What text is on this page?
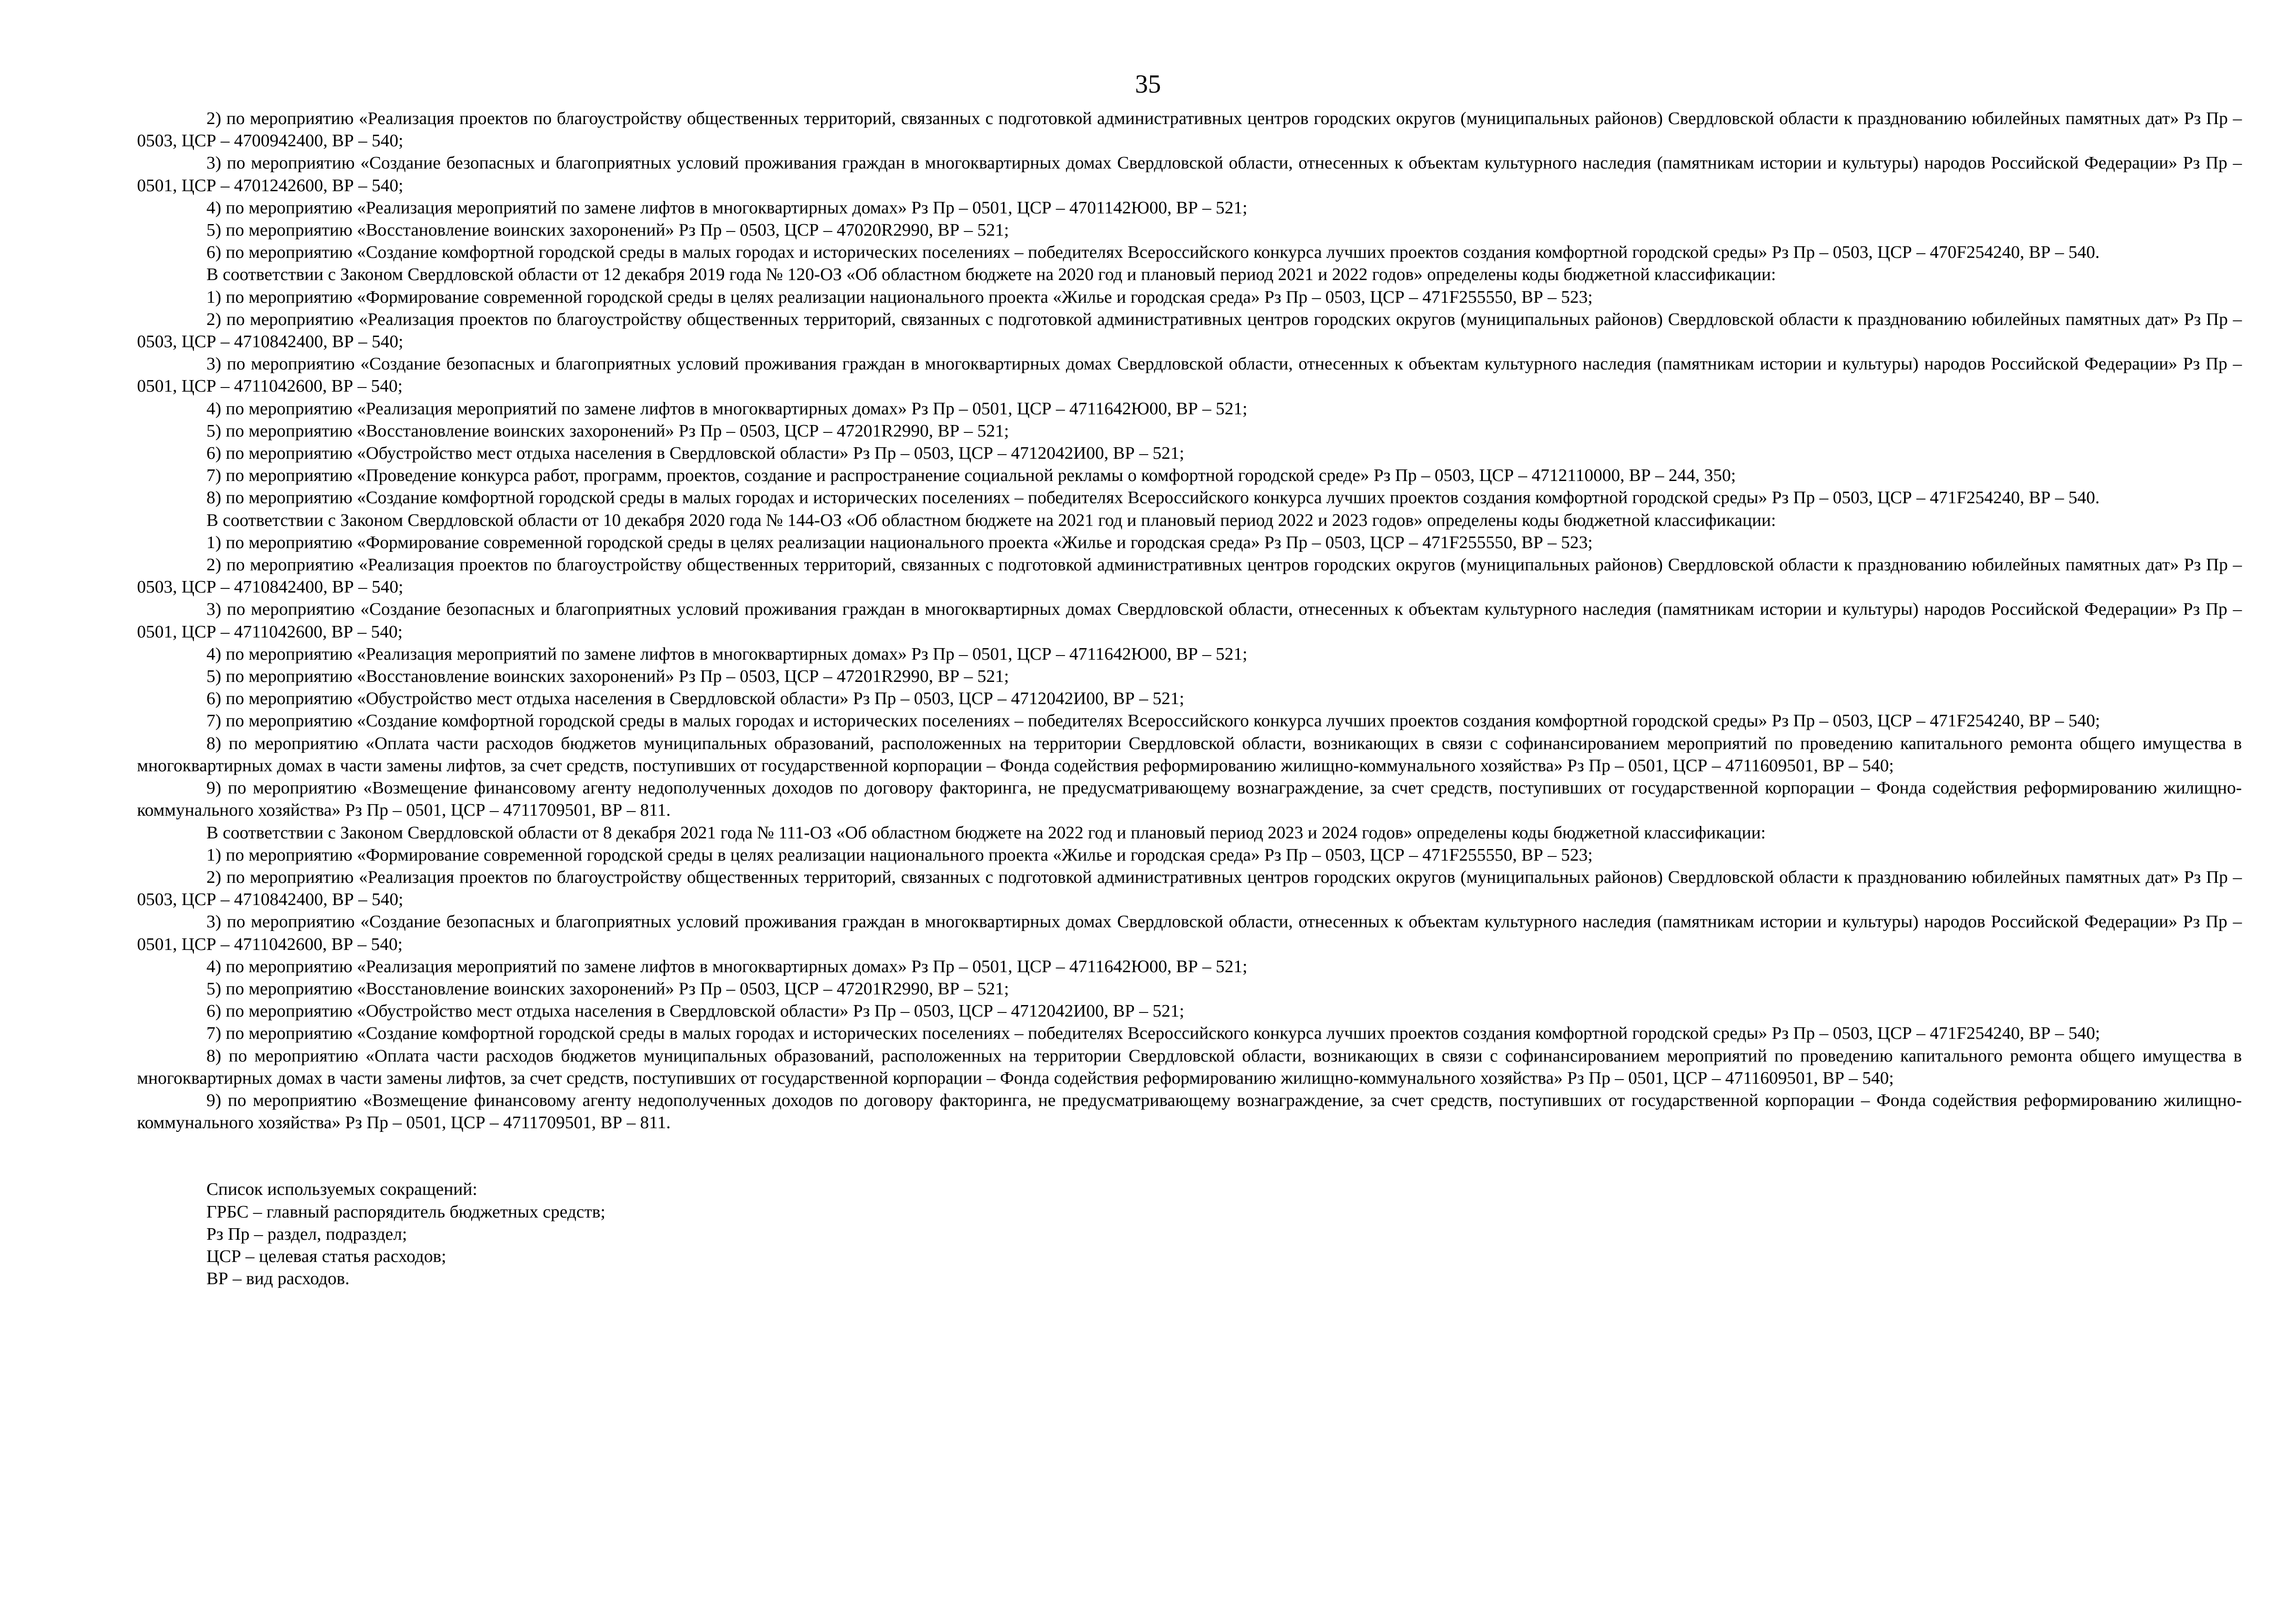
35

2) по мероприятию «Реализация проектов по благоустройству общественных территорий, связанных с подготовкой административных центров городских округов (муниципальных районов) Свердловской области к празднованию юбилейных памятных дат» Рз Пр – 0503, ЦСР – 4700942400, ВР – 540;

3) по мероприятию «Создание безопасных и благоприятных условий проживания граждан в многоквартирных домах Свердловской области, отнесенных к объектам культурного наследия (памятникам истории и культуры) народов Российской Федерации» Рз Пр – 0501, ЦСР – 4701242600, ВР – 540;

4) по мероприятию «Реализация мероприятий по замене лифтов в многоквартирных домах» Рз Пр – 0501, ЦСР – 4701142Ю00, ВР – 521;

5) по мероприятию «Восстановление воинских захоронений» Рз Пр – 0503, ЦСР – 47020R2990, ВР – 521;

6) по мероприятию «Создание комфортной городской среды в малых городах и исторических поселениях – победителях Всероссийского конкурса лучших проектов создания комфортной городской среды» Рз Пр – 0503, ЦСР – 470F254240, ВР – 540.

В соответствии с Законом Свердловской области от 12 декабря 2019 года № 120-ОЗ «Об областном бюджете на 2020 год и плановый период 2021 и 2022 годов» определены коды бюджетной классификации:

1) по мероприятию «Формирование современной городской среды в целях реализации национального проекта «Жилье и городская среда» Рз Пр – 0503, ЦСР – 471F255550, ВР – 523;

2) по мероприятию «Реализация проектов по благоустройству общественных территорий, связанных с подготовкой административных центров городских округов (муниципальных районов) Свердловской области к празднованию юбилейных памятных дат» Рз Пр – 0503, ЦСР – 4710842400, ВР – 540;

3) по мероприятию «Создание безопасных и благоприятных условий проживания граждан в многоквартирных домах Свердловской области, отнесенных к объектам культурного наследия (памятникам истории и культуры) народов Российской Федерации» Рз Пр – 0501, ЦСР – 4711042600, ВР – 540;

4) по мероприятию «Реализация мероприятий по замене лифтов в многоквартирных домах» Рз Пр – 0501, ЦСР – 4711642Ю00, ВР – 521;

5) по мероприятию «Восстановление воинских захоронений» Рз Пр – 0503, ЦСР – 47201R2990, ВР – 521;

6) по мероприятию «Обустройство мест отдыха населения в Свердловской области» Рз Пр – 0503, ЦСР – 4712042И00, ВР – 521;

7) по мероприятию «Проведение конкурса работ, программ, проектов, создание и распространение социальной рекламы о комфортной городской среде» Рз Пр – 0503, ЦСР – 4712110000, ВР – 244, 350;

8) по мероприятию «Создание комфортной городской среды в малых городах и исторических поселениях – победителях Всероссийского конкурса лучших проектов создания комфортной городской среды» Рз Пр – 0503, ЦСР – 471F254240, ВР – 540.

В соответствии с Законом Свердловской области от 10 декабря 2020 года № 144-ОЗ «Об областном бюджете на 2021 год и плановый период 2022 и 2023 годов» определены коды бюджетной классификации:

1) по мероприятию «Формирование современной городской среды в целях реализации национального проекта «Жилье и городская среда» Рз Пр – 0503, ЦСР – 471F255550, ВР – 523;

2) по мероприятию «Реализация проектов по благоустройству общественных территорий, связанных с подготовкой административных центров городских округов (муниципальных районов) Свердловской области к празднованию юбилейных памятных дат» Рз Пр – 0503, ЦСР – 4710842400, ВР – 540;

3) по мероприятию «Создание безопасных и благоприятных условий проживания граждан в многоквартирных домах Свердловской области, отнесенных к объектам культурного наследия (памятникам истории и культуры) народов Российской Федерации» Рз Пр – 0501, ЦСР – 4711042600, ВР – 540;

4) по мероприятию «Реализация мероприятий по замене лифтов в многоквартирных домах» Рз Пр – 0501, ЦСР – 4711642Ю00, ВР – 521;

5) по мероприятию «Восстановление воинских захоронений» Рз Пр – 0503, ЦСР – 47201R2990, ВР – 521;

6) по мероприятию «Обустройство мест отдыха населения в Свердловской области» Рз Пр – 0503, ЦСР – 4712042И00, ВР – 521;

7) по мероприятию «Создание комфортной городской среды в малых городах и исторических поселениях – победителях Всероссийского конкурса лучших проектов создания комфортной городской среды» Рз Пр – 0503, ЦСР – 471F254240, ВР – 540;

8) по мероприятию «Оплата части расходов бюджетов муниципальных образований, расположенных на территории Свердловской области, возникающих в связи с софинансированием мероприятий по проведению капитального ремонта общего имущества в многоквартирных домах в части замены лифтов, за счет средств, поступивших от государственной корпорации – Фонда содействия реформированию жилищно-коммунального хозяйства» Рз Пр – 0501, ЦСР – 4711609501, ВР – 540;

9) по мероприятию «Возмещение финансовому агенту недополученных доходов по договору факторинга, не предусматривающему вознаграждение, за счет средств, поступивших от государственной корпорации – Фонда содействия реформированию жилищно-коммунального хозяйства» Рз Пр – 0501, ЦСР – 4711709501, ВР – 811.

В соответствии с Законом Свердловской области от 8 декабря 2021 года № 111-ОЗ «Об областном бюджете на 2022 год и плановый период 2023 и 2024 годов» определены коды бюджетной классификации:

1) по мероприятию «Формирование современной городской среды в целях реализации национального проекта «Жилье и городская среда» Рз Пр – 0503, ЦСР – 471F255550, ВР – 523;

2) по мероприятию «Реализация проектов по благоустройству общественных территорий, связанных с подготовкой административных центров городских округов (муниципальных районов) Свердловской области к празднованию юбилейных памятных дат» Рз Пр – 0503, ЦСР – 4710842400, ВР – 540;

3) по мероприятию «Создание безопасных и благоприятных условий проживания граждан в многоквартирных домах Свердловской области, отнесенных к объектам культурного наследия (памятникам истории и культуры) народов Российской Федерации» Рз Пр – 0501, ЦСР – 4711042600, ВР – 540;

4) по мероприятию «Реализация мероприятий по замене лифтов в многоквартирных домах» Рз Пр – 0501, ЦСР – 4711642Ю00, ВР – 521;

5) по мероприятию «Восстановление воинских захоронений» Рз Пр – 0503, ЦСР – 47201R2990, ВР – 521;

6) по мероприятию «Обустройство мест отдыха населения в Свердловской области» Рз Пр – 0503, ЦСР – 4712042И00, ВР – 521;

7) по мероприятию «Создание комфортной городской среды в малых городах и исторических поселениях – победителях Всероссийского конкурса лучших проектов создания комфортной городской среды» Рз Пр – 0503, ЦСР – 471F254240, ВР – 540;

8) по мероприятию «Оплата части расходов бюджетов муниципальных образований, расположенных на территории Свердловской области, возникающих в связи с софинансированием мероприятий по проведению капитального ремонта общего имущества в многоквартирных домах в части замены лифтов, за счет средств, поступивших от государственной корпорации – Фонда содействия реформированию жилищно-коммунального хозяйства» Рз Пр – 0501, ЦСР – 4711609501, ВР – 540;

9) по мероприятию «Возмещение финансовому агенту недополученных доходов по договору факторинга, не предусматривающему вознаграждение, за счет средств, поступивших от государственной корпорации – Фонда содействия реформированию жилищно-коммунального хозяйства» Рз Пр – 0501, ЦСР – 4711709501, ВР – 811.

Список используемых сокращений:

ГРБС – главный распорядитель бюджетных средств;

Рз Пр – раздел, подраздел;

ЦСР – целевая статья расходов;

ВР – вид расходов.
